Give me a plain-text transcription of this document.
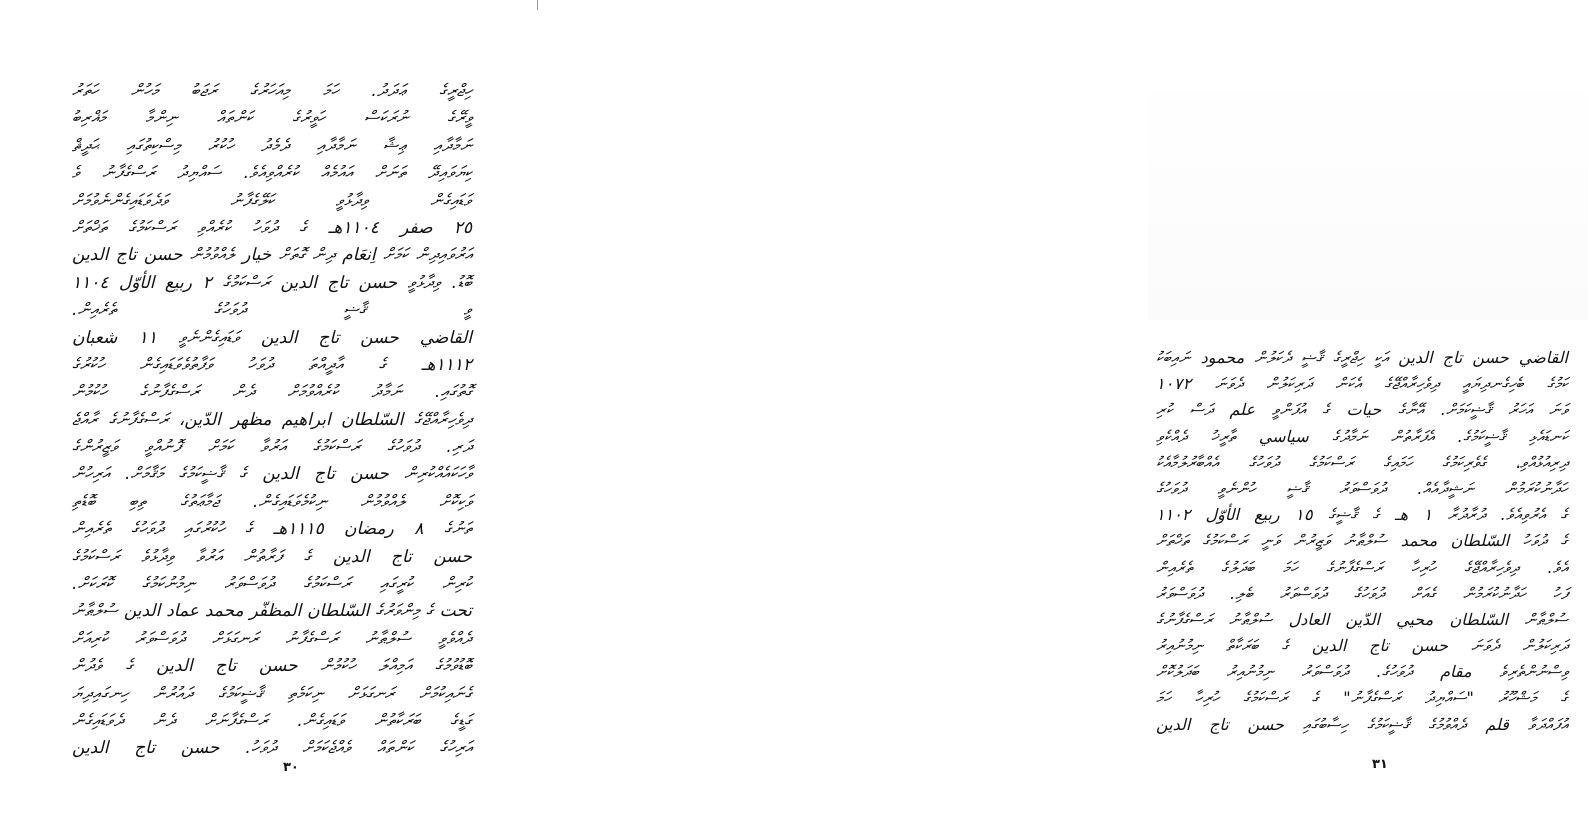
ހިޖްރީގެ ޢަދަދު. ހަމަ މިއަހަރުގެ ރަޖަބު މަހުން ހަތަރު
ވީރޭގެ ނުރަކަސް ހަވީރުގެ ކަންތައް ނިންމާ މަޣްރިބު
ނަމާދާއި ޢިޝާ ނަމާދާއި ދެމެދު ހުކުރު މިސްކިތުގައި ޙަދީޘް
ކިޔަވައިދޭ ތަނަށް އައުމެއް ކުރެއްވިއެވެ. ސައްޔިދު ރަސްގެފާނު ވެ
ވަޑައިގެން ވިދާޅުވީ ކަލޭގެފާނު ވަދެވަޑައިގެންނެވުމަށް
٢٥ صفر ١١٠٤هـ ގެ ދުވަހު ކުރެއްވި ރަސްކަމުގެ ތަޚްތަށް
އަރުވައިދިން ކަމަށް اِنعَام ދިން ގޮތަށް خيار ލެއްވުމުން حسن تاج الدين
ބޮޑު. ވިދާޅުވީ حسن تاج الدين ރަސްކަމުގެ ٢ ربيع الأوّل ١١٠٤
ވީ ޤާޟީ ދުވަހުގެ ތެރެއިން.
القاضي حسن تاج الدين ވަޑައިގެންނެވީ ١١ شعبان
١١١٢هـ ގެ އާދީއްތަ ދުވަހު ވަފާތުވެވަޑައިގެން ހުކުރުގެ
ގޮތުގައި. ނަމާދު ކުރެއްވުމަށް ދެން ރަސްގެފާނުގެ ހުކުމުން
ދިވެހިރާއްޖޭގެ السّلطان ابراهيم مظهر الدّين، ރަސްގެފާނުގެ ރާއްޖެ
ދަރި. ދުވަހުގެ ރަސްކަމުގެ އަރުވާ ކަމަށް ފޮނުއްވީ ވަޒީރުންގެ
ވާހަކައެއްކުރިން حسن تاج الدين ގެ ޤާޟީކަމުގެ މަޤާމަށް. އަރިހުން
ވަކިކޮށް ލެއްވުމުން ނިކުމެވަޑައިގެން. ޖަމާޢަތުގެ ތިބި ބޮޑެތި
ތަނުގެ ٨ رمضان ١١١٥هـ ގެ ހުކުރުގައި ދުވަހުގެ ތެރެއިން
حسن تاج الدين ގެ ފަރާތުން އަރުވާ ވިދާޅުވެ ރަސްކަމުގެ
ކުރިން ކުރީގައި ރަސްކަމުގެ ދުވަސްވަރު ނިމުނުކަމުގެ ކޮރަކަށް.
تحت ގެ މިންވަރުގެ السّلطان المظفّر محمد عماد الدين ސުލްޠާނު
ދެއްވެވީ ސުލްޠާނު ރަސްގެފާނު ރަނގަޅަށް ދުވަސްވަރު ކުރިއަށް
ބޮޑުވުމުގެ އަމިއްލަ ހުކުމުން حسن تاج الدين ގެ ވެދުން
ގެނައިކުމަށް ރަނގަޅަށް ނިކަމެތި ޤާޟީކަމުގެ ދައުރުން ހިނގައިދިޔަ
ގަޑީގެ ބަރަކާތުން ވަޑައިގެން. ރަސްގެފާނަށް ދެން ދެވަޑައިގެން
އަރިހުގެ ކަންތައް ވެއްޖެކަމަށް ދުވަހު. حسن تاج الدين
٣٠
القاضي حسن تاج الدين އަކީ ހިޖްރީގެ ޤާޟީ ދެކަލުން محمود ނައިބަކު
ކަމުގެ ބެހިގެނދިޔައީ ދިވެހިރާއްޖޭގެ އެކަން ދަރިކަލުން ދެވަނަ ١٠٧٢
ވަނަ އަހަރު ޤާޟީކަމަށް. އޭނާގެ حيات ގެ އުފަންވީ علم ދަސް ކުރި
ކަނޑައެޅި ޤާޟީކަމުގެ. އެފަރާތުން ނަމާދުގެ سياسي ތާރީޚު ދެއްކެވި
ދިރިއުޅުއްވި، ގެވެރިކަމުގެ ހަމައިގެ ރަސްކަމުގެ ދުވަހުގެ އެއްބާރުލުމާއެކު
ހަދާނުކުރަމުން ނަޝީދާއެއް. ދުވަސްވަރު ޤާޟީ ހުންނެވީ ދުވަހުގެ
ގެ އެރުވިއެވެ. ދުރާދުރާ ١ هـ ގެ ޤާޟީގެ ١٥ ربيع الأوّل ١١٠٢
ގެ ދުވަހު السّلطان محمد ސުލްޠާނު ވަޒީރުން ވަނީ ރަސްކަމުގެ ތަޚްތަށް
އެވެ. ދިވެހިރާއްޖޭގެ ހުރިހާ ރަސްގެފާނުގެ ހަމަ ބަދަލުގެ ތެރެއިން
ފަހު ހަދާނުކުރަމުން ގެއަށް ދުވަހުގެ ދުވަސްވަރު ބެލި. ދުވަސްވަރު
ސުލްޠާން السّلطان محيي الدّين العادل ސުލްޠާނު ރަސްގެފާނުގެ
ދަރިކަލުން ދެވަނަ حسن تاج الدين ގެ ބަރަކާތް ނިމުނުއިރު
ވިސްނުންތެރިވެ مقام ދުވަހުގެ. ދުވަސްވަރު ނިމުނުއިރު ބަދަލުކޮށް
ގެ މަޝްހޫރު "ސައްޔިދު ރަސްގެފާނު" ގެ ރަސްކަމުގެ ހުރިހާ ހަމަ
އުފައްދަވާ قلم ދެއްވުމުގެ ޤާޟީކަމުގެ ހިސާބުގައި حسن تاج الدين
٣١
